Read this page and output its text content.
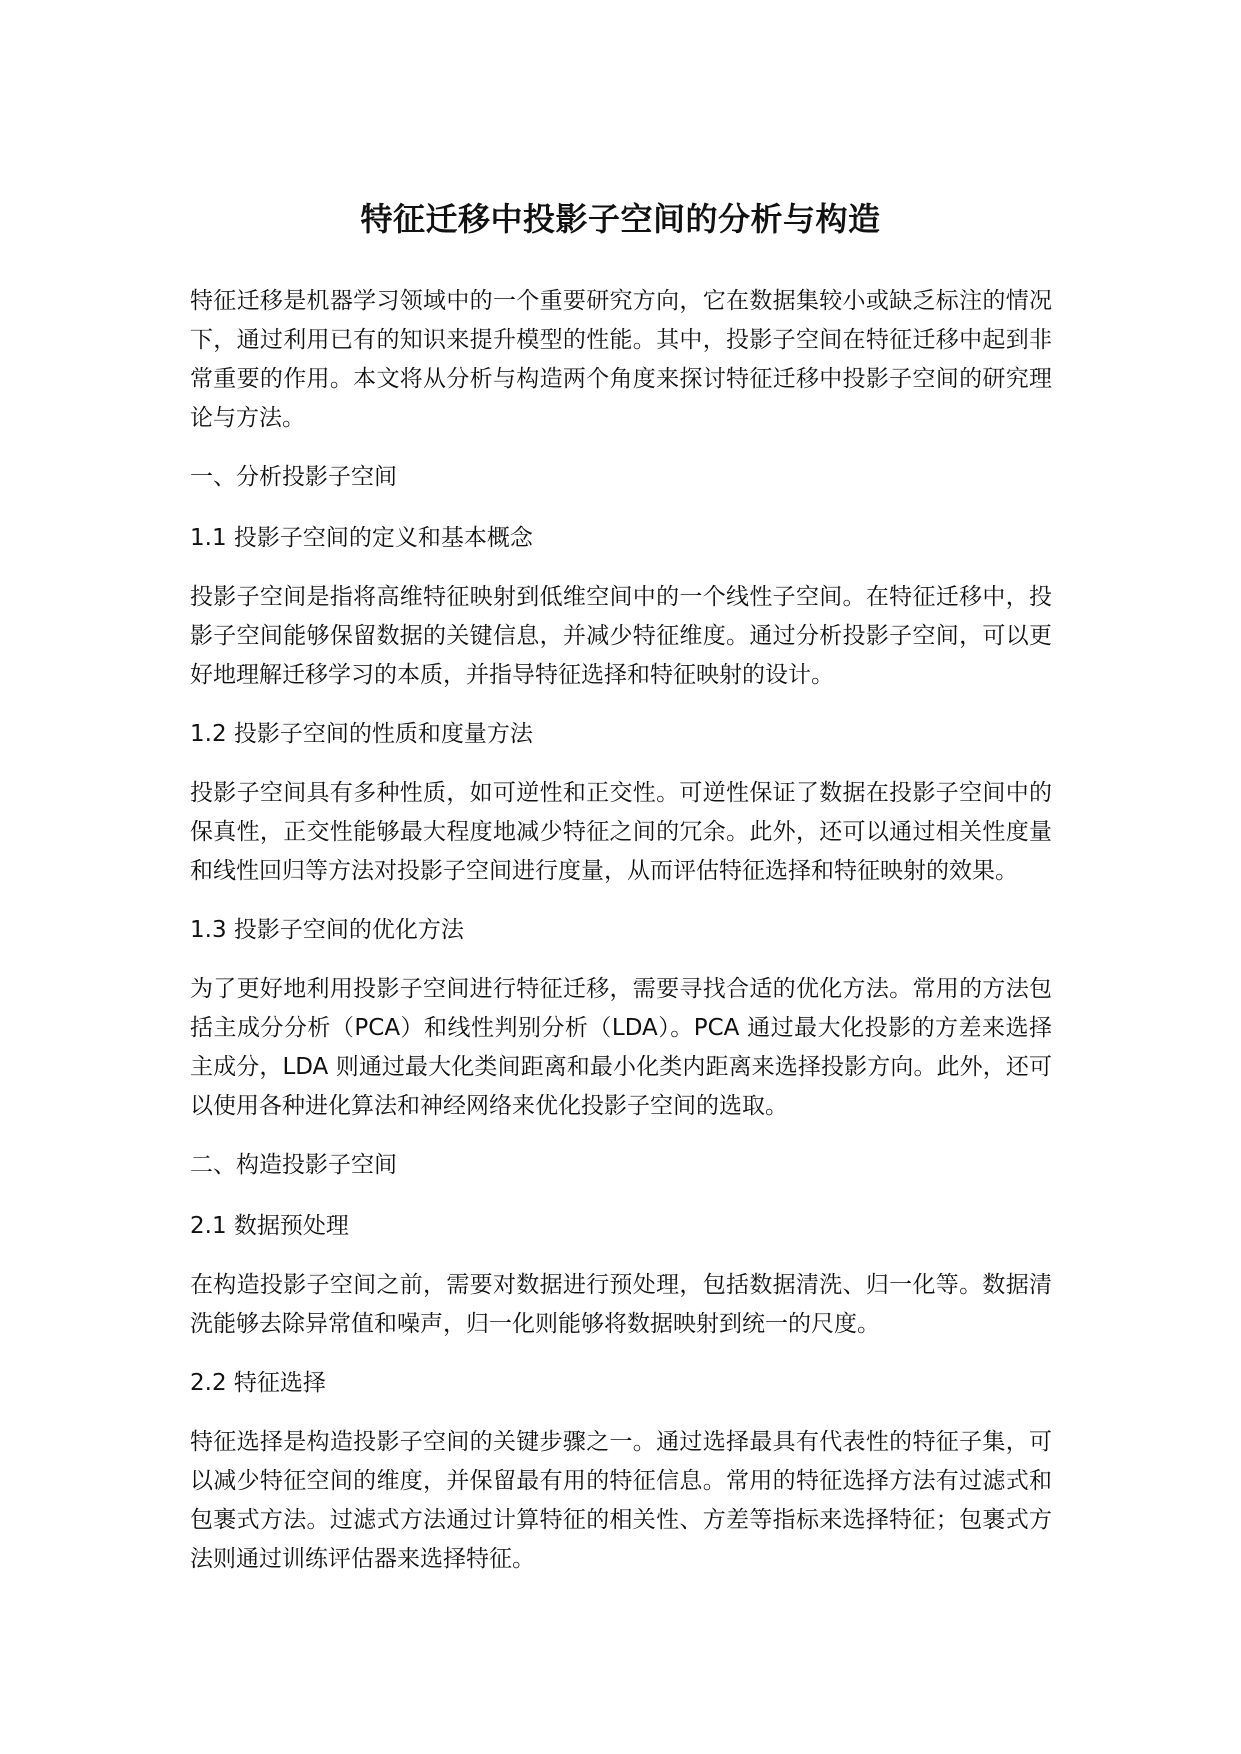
特征迁移中投影子空间的分析与构造

特征迁移是机器学习领域中的一个重要研究方向，它在数据集较小或缺乏标注的情况下，通过利用已有的知识来提升模型的性能。其中，投影子空间在特征迁移中起到非常重要的作用。本文将从分析与构造两个角度来探讨特征迁移中投影子空间的研究理论与方法。

一、分析投影子空间

1.1 投影子空间的定义和基本概念

投影子空间是指将高维特征映射到低维空间中的一个线性子空间。在特征迁移中，投影子空间能够保留数据的关键信息，并减少特征维度。通过分析投影子空间，可以更好地理解迁移学习的本质，并指导特征选择和特征映射的设计。

1.2 投影子空间的性质和度量方法

投影子空间具有多种性质，如可逆性和正交性。可逆性保证了数据在投影子空间中的保真性，正交性能够最大程度地减少特征之间的冗余。此外，还可以通过相关性度量和线性回归等方法对投影子空间进行度量，从而评估特征选择和特征映射的效果。

1.3 投影子空间的优化方法

为了更好地利用投影子空间进行特征迁移，需要寻找合适的优化方法。常用的方法包括主成分分析（PCA）和线性判别分析（LDA）。PCA 通过最大化投影的方差来选择主成分，LDA 则通过最大化类间距离和最小化类内距离来选择投影方向。此外，还可以使用各种进化算法和神经网络来优化投影子空间的选取。

二、构造投影子空间

2.1 数据预处理

在构造投影子空间之前，需要对数据进行预处理，包括数据清洗、归一化等。数据清洗能够去除异常值和噪声，归一化则能够将数据映射到统一的尺度。

2.2 特征选择

特征选择是构造投影子空间的关键步骤之一。通过选择最具有代表性的特征子集，可以减少特征空间的维度，并保留最有用的特征信息。常用的特征选择方法有过滤式和包裹式方法。过滤式方法通过计算特征的相关性、方差等指标来选择特征；包裹式方法则通过训练评估器来选择特征。
